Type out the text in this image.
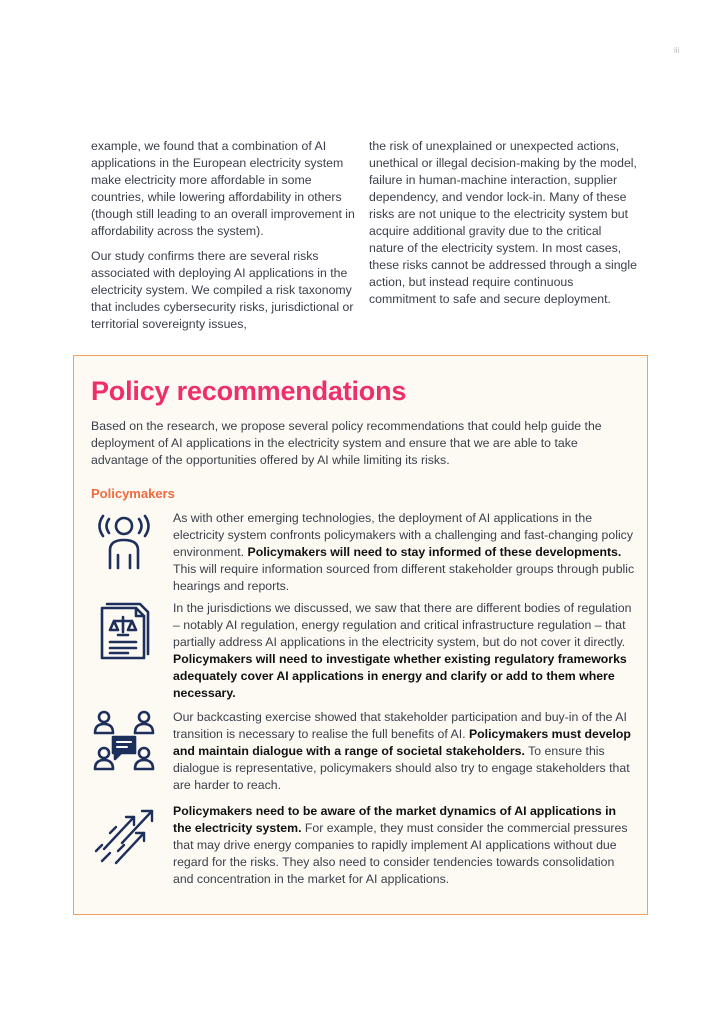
iii

example, we found that a combination of AI applications in the European electricity system make electricity more affordable in some countries, while lowering affordability in others (though still leading to an overall improvement in affordability across the system).

Our study confirms there are several risks associated with deploying AI applications in the electricity system. We compiled a risk taxonomy that includes cybersecurity risks, jurisdictional or territorial sovereignty issues,

the risk of unexplained or unexpected actions, unethical or illegal decision-making by the model, failure in human-machine interaction, supplier dependency, and vendor lock-in. Many of these risks are not unique to the electricity system but acquire additional gravity due to the critical nature of the electricity system. In most cases, these risks cannot be addressed through a single action, but instead require continuous commitment to safe and secure deployment.

Policy recommendations

Based on the research, we propose several policy recommendations that could help guide the deployment of AI applications in the electricity system and ensure that we are able to take advantage of the opportunities offered by AI while limiting its risks.

Policymakers

As with other emerging technologies, the deployment of AI applications in the electricity system confronts policymakers with a challenging and fast-changing policy environment. Policymakers will need to stay informed of these developments. This will require information sourced from different stakeholder groups through public hearings and reports.

In the jurisdictions we discussed, we saw that there are different bodies of regulation – notably AI regulation, energy regulation and critical infrastructure regulation – that partially address AI applications in the electricity system, but do not cover it directly. Policymakers will need to investigate whether existing regulatory frameworks adequately cover AI applications in energy and clarify or add to them where necessary.

Our backcasting exercise showed that stakeholder participation and buy-in of the AI transition is necessary to realise the full benefits of AI. Policymakers must develop and maintain dialogue with a range of societal stakeholders. To ensure this dialogue is representative, policymakers should also try to engage stakeholders that are harder to reach.

Policymakers need to be aware of the market dynamics of AI applications in the electricity system. For example, they must consider the commercial pressures that may drive energy companies to rapidly implement AI applications without due regard for the risks. They also need to consider tendencies towards consolidation and concentration in the market for AI applications.
